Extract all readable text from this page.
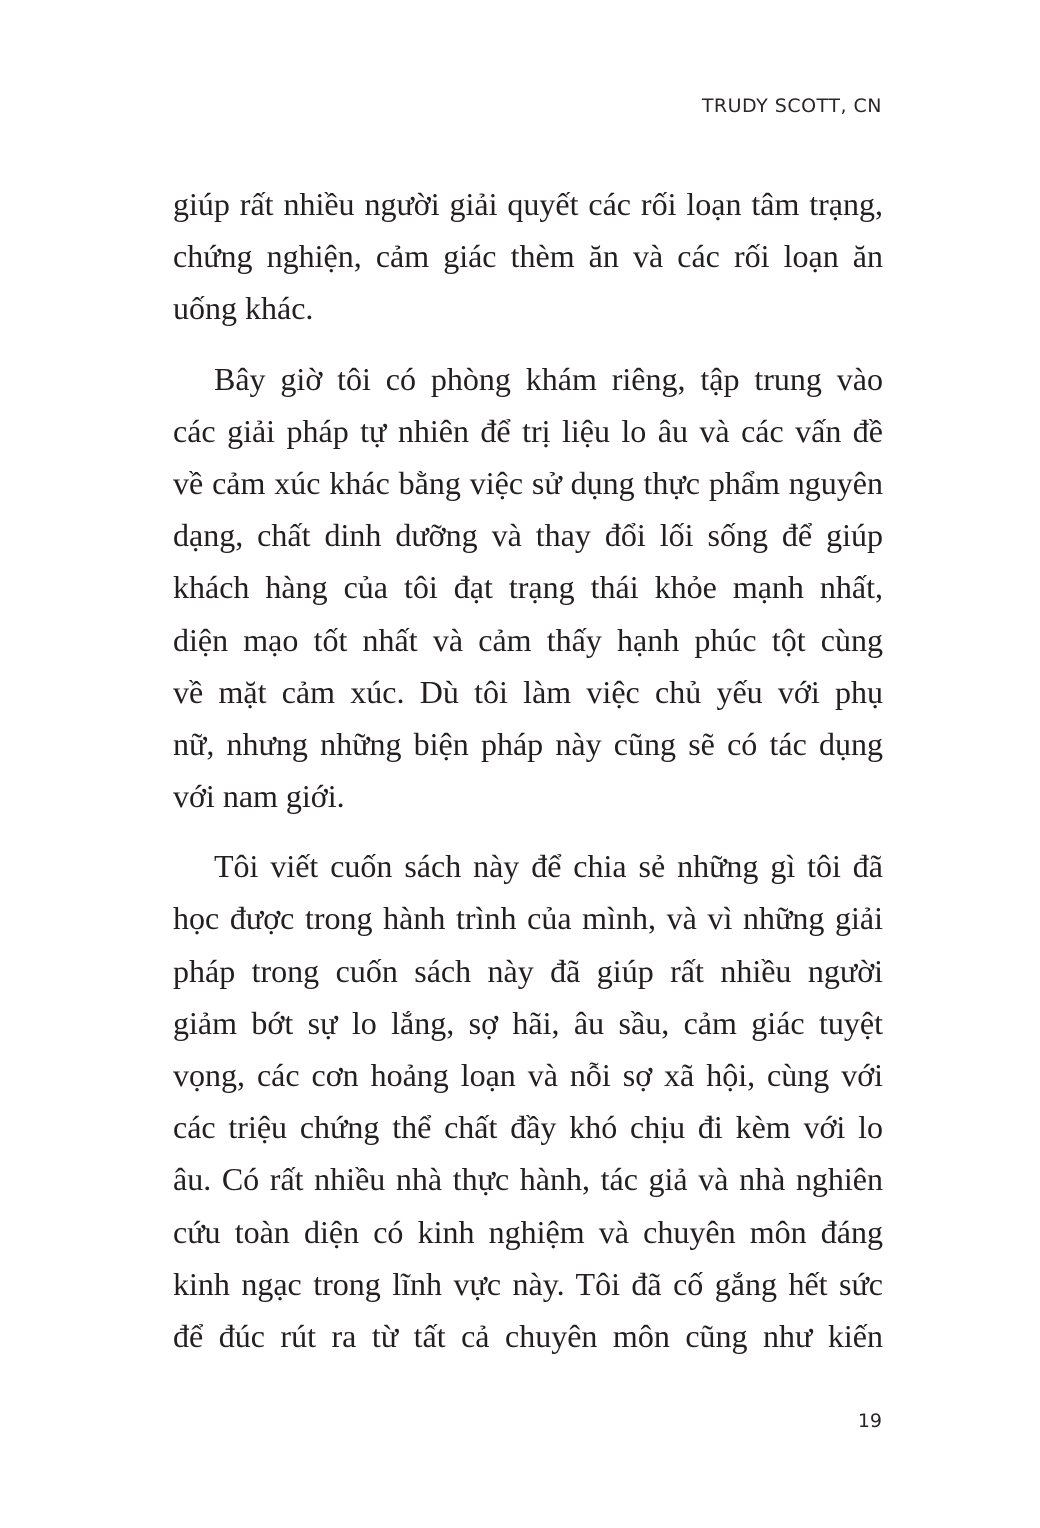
TRUDY SCOTT, CN
giúp rất nhiều người giải quyết các rối loạn tâm trạng,
chứng nghiện, cảm giác thèm ăn và các rối loạn ăn
uống khác.
Bây giờ tôi có phòng khám riêng, tập trung vào
các giải pháp tự nhiên để trị liệu lo âu và các vấn đề
về cảm xúc khác bằng việc sử dụng thực phẩm nguyên
dạng, chất dinh dưỡng và thay đổi lối sống để giúp
khách hàng của tôi đạt trạng thái khỏe mạnh nhất,
diện mạo tốt nhất và cảm thấy hạnh phúc tột cùng
về mặt cảm xúc. Dù tôi làm việc chủ yếu với phụ
nữ, nhưng những biện pháp này cũng sẽ có tác dụng
với nam giới.
Tôi viết cuốn sách này để chia sẻ những gì tôi đã
học được trong hành trình của mình, và vì những giải
pháp trong cuốn sách này đã giúp rất nhiều người
giảm bớt sự lo lắng, sợ hãi, âu sầu, cảm giác tuyệt
vọng, các cơn hoảng loạn và nỗi sợ xã hội, cùng với
các triệu chứng thể chất đầy khó chịu đi kèm với lo
âu. Có rất nhiều nhà thực hành, tác giả và nhà nghiên
cứu toàn diện có kinh nghiệm và chuyên môn đáng
kinh ngạc trong lĩnh vực này. Tôi đã cố gắng hết sức
để đúc rút ra từ tất cả chuyên môn cũng như kiến
19
